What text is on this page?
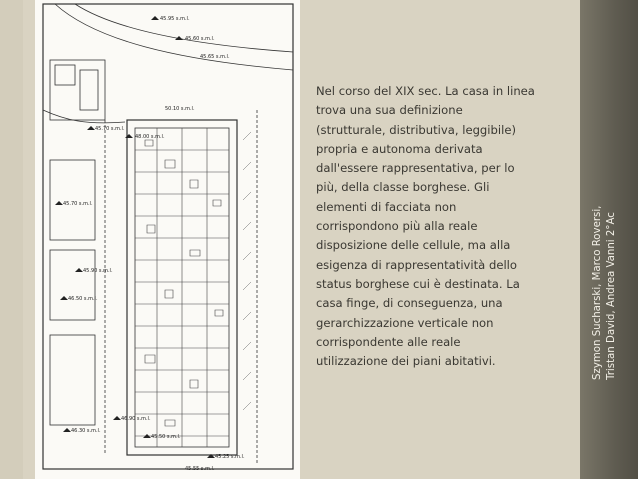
45.95 s.m.l.
45.60 s.m.l.
45.65 s.m.l.
45.70 s.m.l.
48.00 s.m.l.
50.10 s.m.l.
45.70 s.m.l.
45.90 s.m.l.
46.50 s.m.l.
46.30 s.m.l.
46.90 s.m.l.
45.50 s.m.l.
45.25 s.m.l.
45.55 s.m.l.
Nel corso del XIX sec. La casa in linea
trova una sua definizione
(strutturale, distributiva, leggibile)
propria e autonoma derivata
dall'essere rappresentativa, per lo
più, della classe borghese. Gli
elementi di facciata non
corrispondono più alla reale
disposizione delle cellule, ma alla
esigenza di rappresentatività dello
status borghese cui è destinata. La
casa finge, di conseguenza, una
gerarchizzazione verticale non
corrispondente alle reale
utilizzazione dei piani abitativi.	Szymon Sucharski, Marco Roversi,
Tristan David, Andrea Vanni 2°Ac
